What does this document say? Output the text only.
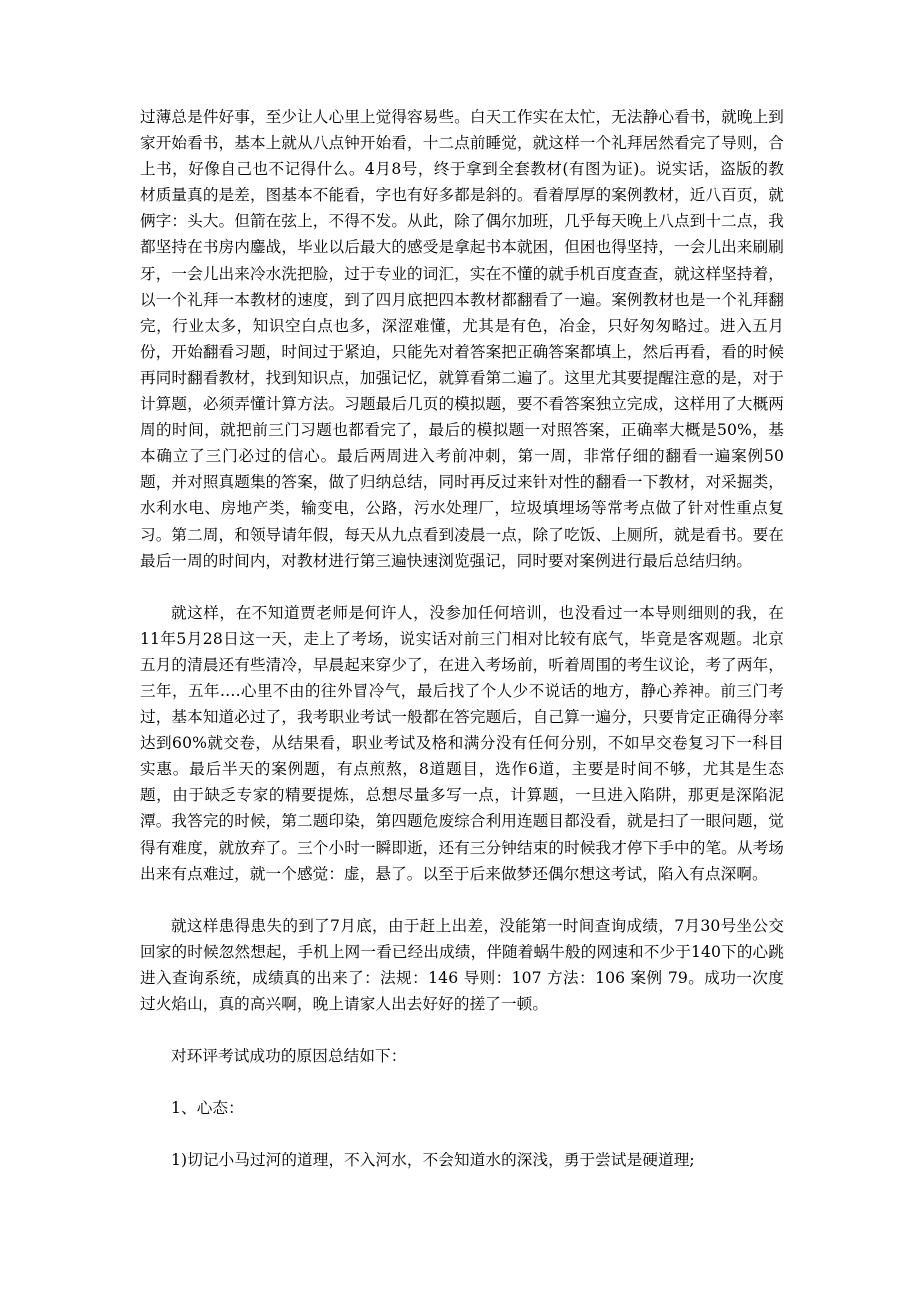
过薄总是件好事，至少让人心里上觉得容易些。白天工作实在太忙，无法静心看书，就晚上到家开始看书，基本上就从八点钟开始看，十二点前睡觉，就这样一个礼拜居然看完了导则，合上书，好像自己也不记得什么。4月8号，终于拿到全套教材(有图为证)。说实话，盗版的教材质量真的是差，图基本不能看，字也有好多都是斜的。看着厚厚的案例教材，近八百页，就俩字：头大。但箭在弦上，不得不发。从此，除了偶尔加班，几乎每天晚上八点到十二点，我都坚持在书房内鏖战，毕业以后最大的感受是拿起书本就困，但困也得坚持，一会儿出来刷刷牙，一会儿出来冷水洗把脸，过于专业的词汇，实在不懂的就手机百度查查，就这样坚持着，以一个礼拜一本教材的速度，到了四月底把四本教材都翻看了一遍。案例教材也是一个礼拜翻完，行业太多，知识空白点也多，深涩难懂，尤其是有色，冶金，只好匆匆略过。进入五月份，开始翻看习题，时间过于紧迫，只能先对着答案把正确答案都填上，然后再看，看的时候再同时翻看教材，找到知识点，加强记忆，就算看第二遍了。这里尤其要提醒注意的是，对于计算题，必须弄懂计算方法。习题最后几页的模拟题，要不看答案独立完成，这样用了大概两周的时间，就把前三门习题也都看完了，最后的模拟题一对照答案，正确率大概是50%，基本确立了三门必过的信心。最后两周进入考前冲刺，第一周，非常仔细的翻看一遍案例50题，并对照真题集的答案，做了归纳总结，同时再反过来针对性的翻看一下教材，对采掘类，水利水电、房地产类，输变电，公路，污水处理厂，垃圾填埋场等常考点做了针对性重点复习。第二周，和领导请年假，每天从九点看到凌晨一点，除了吃饭、上厕所，就是看书。要在最后一周的时间内，对教材进行第三遍快速浏览强记，同时要对案例进行最后总结归纳。

就这样，在不知道贾老师是何许人，没参加任何培训，也没看过一本导则细则的我，在11年5月28日这一天，走上了考场，说实话对前三门相对比较有底气，毕竟是客观题。北京五月的清晨还有些清冷，早晨起来穿少了，在进入考场前，听着周围的考生议论，考了两年，三年，五年….心里不由的往外冒冷气，最后找了个人少不说话的地方，静心养神。前三门考过，基本知道必过了，我考职业考试一般都在答完题后，自己算一遍分，只要肯定正确得分率达到60%就交卷，从结果看，职业考试及格和满分没有任何分别，不如早交卷复习下一科目实惠。最后半天的案例题，有点煎熬，8道题目，选作6道，主要是时间不够，尤其是生态题，由于缺乏专家的精要提炼，总想尽量多写一点，计算题，一旦进入陷阱，那更是深陷泥潭。我答完的时候，第二题印染，第四题危废综合利用连题目都没看，就是扫了一眼问题，觉得有难度，就放弃了。三个小时一瞬即逝，还有三分钟结束的时候我才停下手中的笔。从考场出来有点难过，就一个感觉：虚，悬了。以至于后来做梦还偶尔想这考试，陷入有点深啊。

就这样患得患失的到了7月底，由于赶上出差，没能第一时间查询成绩，7月30号坐公交回家的时候忽然想起，手机上网一看已经出成绩，伴随着蜗牛般的网速和不少于140下的心跳进入查询系统，成绩真的出来了：法规：146 导则：107 方法：106 案例 79。成功一次度过火焰山，真的高兴啊，晚上请家人出去好好的搓了一顿。

对环评考试成功的原因总结如下：

1、心态：

1)切记小马过河的道理，不入河水，不会知道水的深浅，勇于尝试是硬道理;
